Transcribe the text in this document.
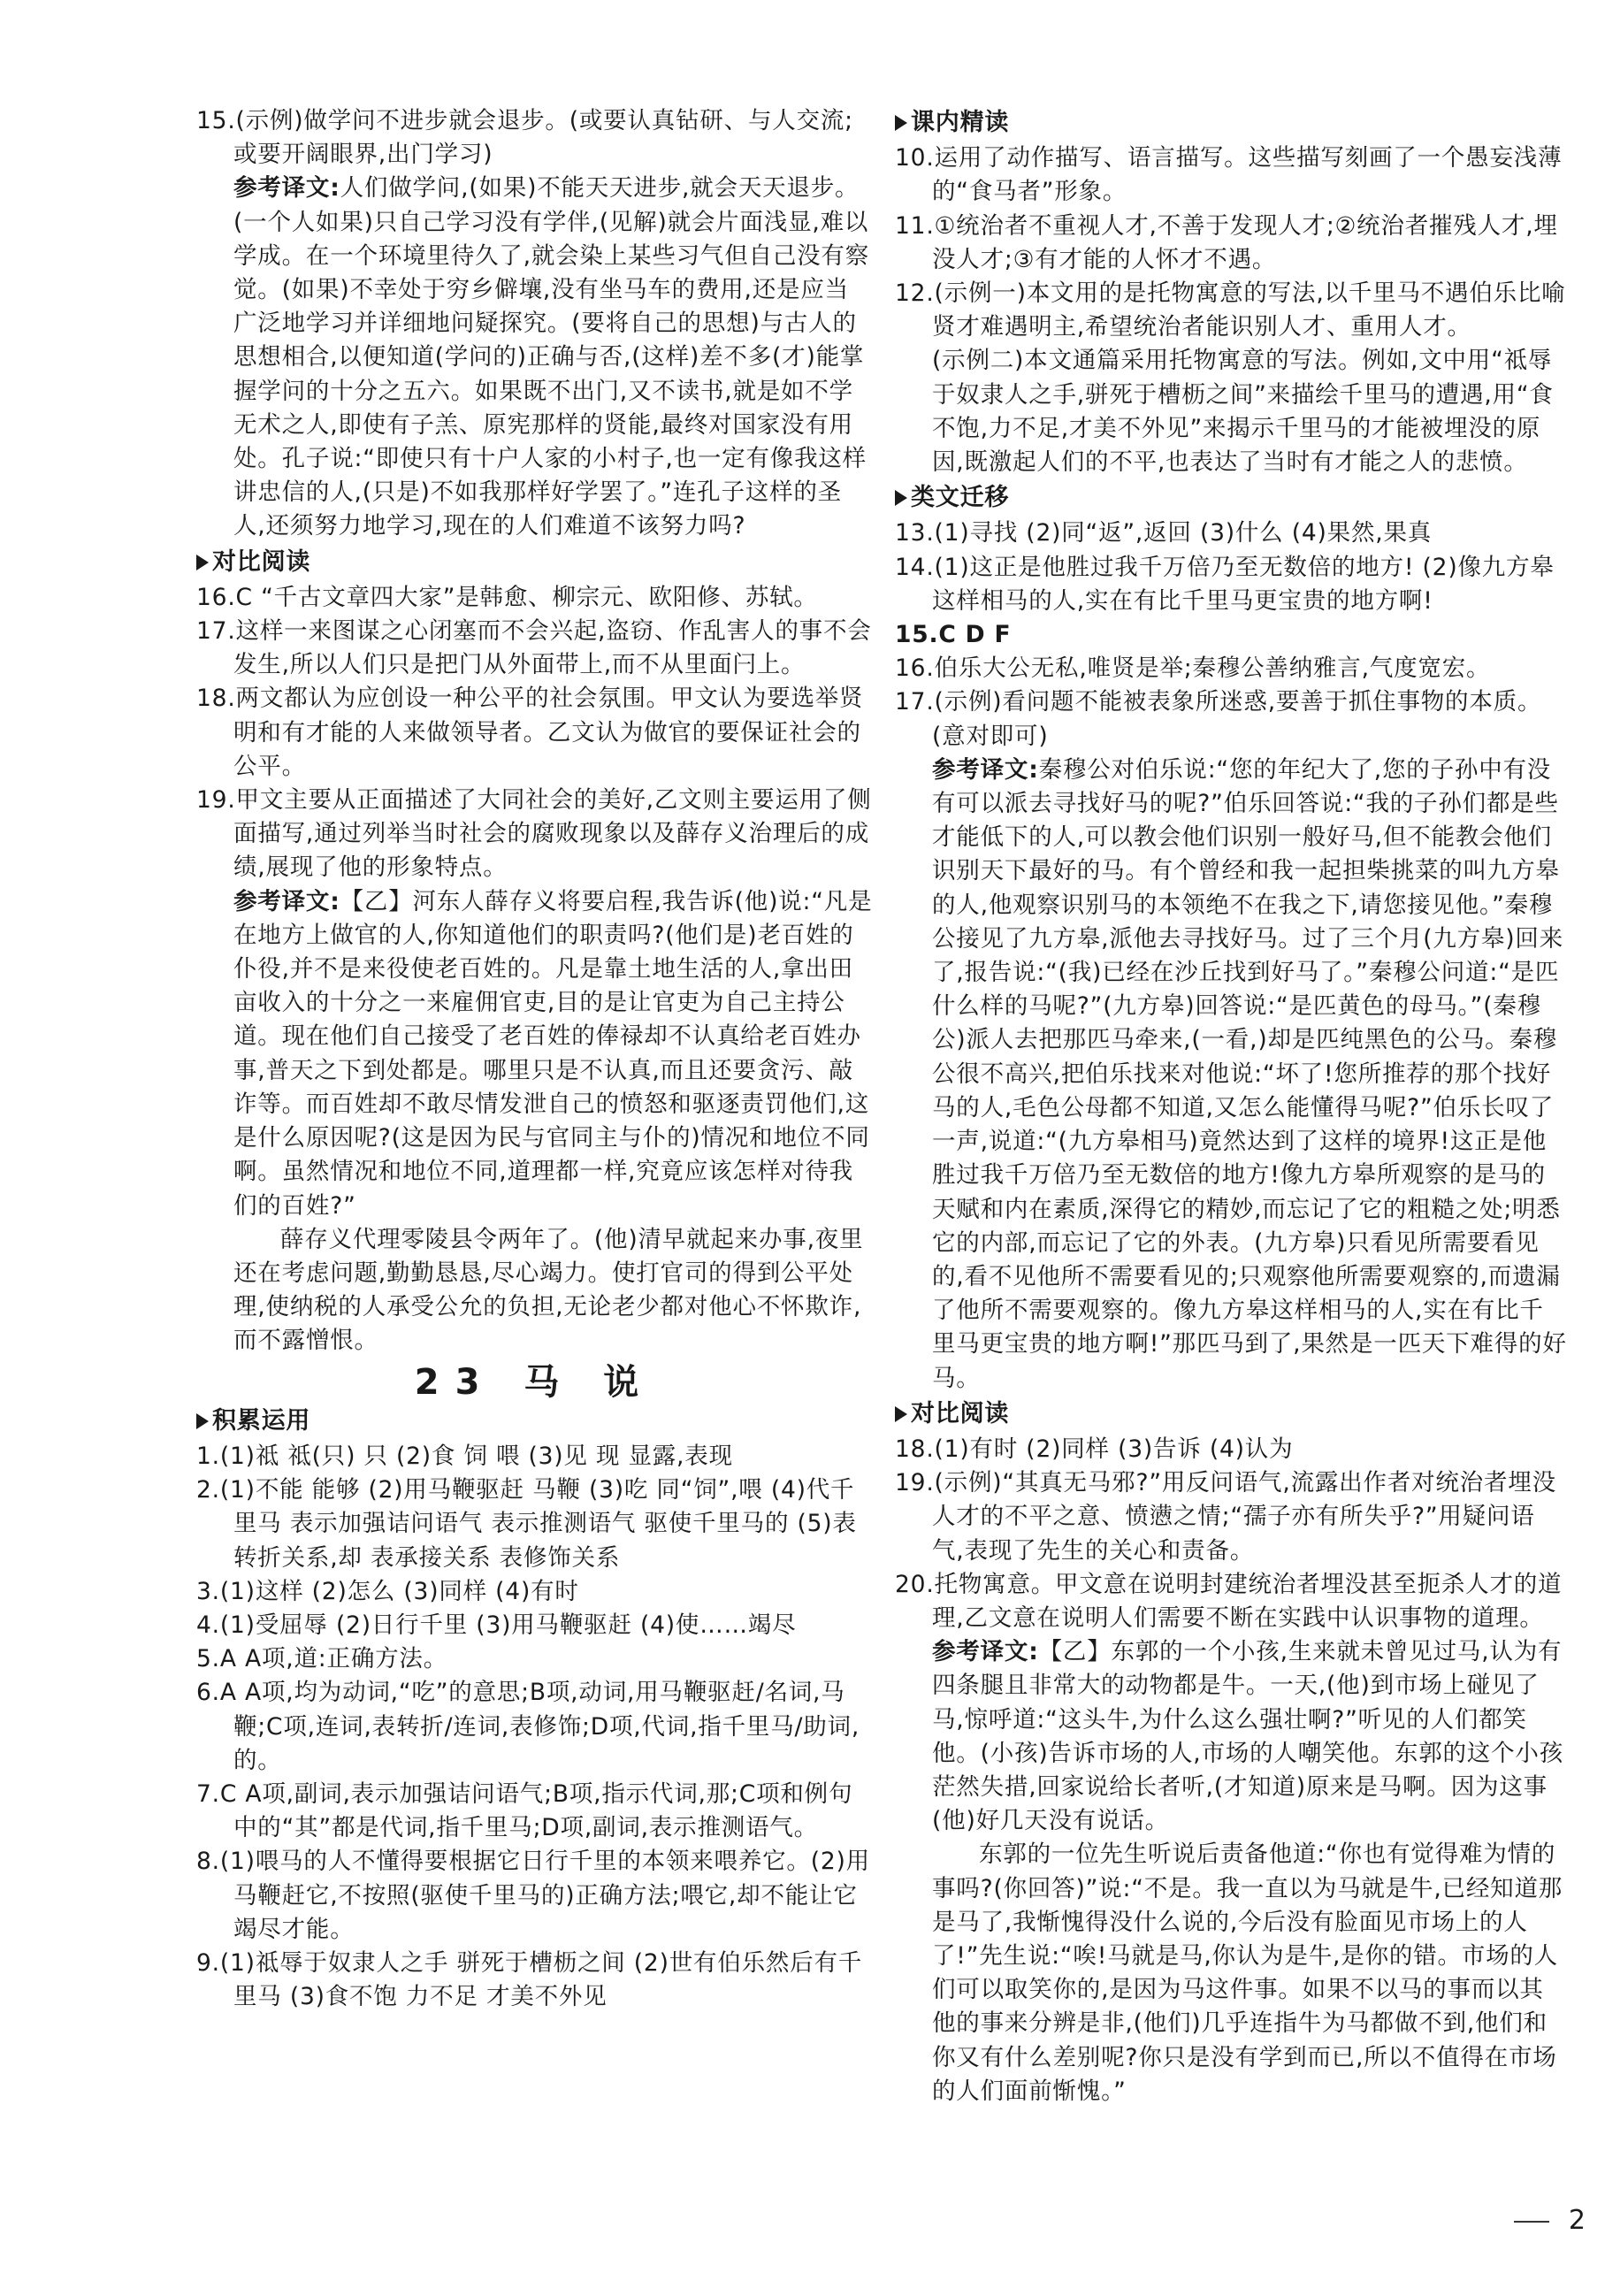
15.(示例)做学问不进步就会退步。(或要认真钻研、与人交流;或要开阔眼界,出门学习)

参考译文:人们做学问,(如果)不能天天进步,就会天天退步。(一个人如果)只自己学习没有学伴,(见解)就会片面浅显,难以学成。在一个环境里待久了,就会染上某些习气但自己没有察觉。(如果)不幸处于穷乡僻壤,没有坐马车的费用,还是应当广泛地学习并详细地问疑探究。(要将自己的思想)与古人的思想相合,以便知道(学问的)正确与否,(这样)差不多(才)能掌握学问的十分之五六。如果既不出门,又不读书,就是如不学无术之人,即使有子羔、原宪那样的贤能,最终对国家没有用处。孔子说:“即使只有十户人家的小村子,也一定有像我这样讲忠信的人,(只是)不如我那样好学罢了。”连孔子这样的圣人,还须努力地学习,现在的人们难道不该努力吗?

对比阅读

16.C “千古文章四大家”是韩愈、柳宗元、欧阳修、苏轼。

17.这样一来图谋之心闭塞而不会兴起,盗窃、作乱害人的事不会发生,所以人们只是把门从外面带上,而不从里面闩上。

18.两文都认为应创设一种公平的社会氛围。甲文认为要选举贤明和有才能的人来做领导者。乙文认为做官的要保证社会的公平。

19.甲文主要从正面描述了大同社会的美好,乙文则主要运用了侧面描写,通过列举当时社会的腐败现象以及薛存义治理后的成绩,展现了他的形象特点。

参考译文:【乙】河东人薛存义将要启程,我告诉(他)说:“凡是在地方上做官的人,你知道他们的职责吗?(他们是)老百姓的仆役,并不是来役使老百姓的。凡是靠土地生活的人,拿出田亩收入的十分之一来雇佣官吏,目的是让官吏为自己主持公道。现在他们自己接受了老百姓的俸禄却不认真给老百姓办事,普天之下到处都是。哪里只是不认真,而且还要贪污、敲诈等。而百姓却不敢尽情发泄自己的愤怒和驱逐责罚他们,这是什么原因呢?(这是因为民与官同主与仆的)情况和地位不同啊。虽然情况和地位不同,道理都一样,究竟应该怎样对待我们的百姓?”

薛存义代理零陵县令两年了。(他)清早就起来办事,夜里还在考虑问题,勤勤恳恳,尽心竭力。使打官司的得到公平处理,使纳税的人承受公允的负担,无论老少都对他心不怀欺诈,而不露憎恨。

23 马 说
积累运用

1.(1)祗 祗(只) 只 (2)食 饲 喂 (3)见 现 显露,表现

2.(1)不能 能够 (2)用马鞭驱赶 马鞭 (3)吃 同“饲”,喂 (4)代千里马 表示加强诘问语气 表示推测语气 驱使千里马的 (5)表转折关系,却 表承接关系 表修饰关系

3.(1)这样 (2)怎么 (3)同样 (4)有时

4.(1)受屈辱 (2)日行千里 (3)用马鞭驱赶 (4)使……竭尽

5.A A项,道:正确方法。

6.A A项,均为动词,“吃”的意思;B项,动词,用马鞭驱赶/名词,马鞭;C项,连词,表转折/连词,表修饰;D项,代词,指千里马/助词,的。

7.C A项,副词,表示加强诘问语气;B项,指示代词,那;C项和例句中的“其”都是代词,指千里马;D项,副词,表示推测语气。

8.(1)喂马的人不懂得要根据它日行千里的本领来喂养它。(2)用马鞭赶它,不按照(驱使千里马的)正确方法;喂它,却不能让它竭尽才能。

9.(1)祗辱于奴隶人之手 骈死于槽枥之间 (2)世有伯乐然后有千里马 (3)食不饱 力不足 才美不外见

课内精读

10.运用了动作描写、语言描写。这些描写刻画了一个愚妄浅薄的“食马者”形象。

11.①统治者不重视人才,不善于发现人才;②统治者摧残人才,埋没人才;③有才能的人怀才不遇。

12.(示例一)本文用的是托物寓意的写法,以千里马不遇伯乐比喻贤才难遇明主,希望统治者能识别人才、重用人才。

(示例二)本文通篇采用托物寓意的写法。例如,文中用“祗辱于奴隶人之手,骈死于槽枥之间”来描绘千里马的遭遇,用“食不饱,力不足,才美不外见”来揭示千里马的才能被埋没的原因,既激起人们的不平,也表达了当时有才能之人的悲愤。

类文迁移

13.(1)寻找 (2)同“返”,返回 (3)什么 (4)果然,果真

14.(1)这正是他胜过我千万倍乃至无数倍的地方! (2)像九方皋这样相马的人,实在有比千里马更宝贵的地方啊!

15.C D F

16.伯乐大公无私,唯贤是举;秦穆公善纳雅言,气度宽宏。

17.(示例)看问题不能被表象所迷惑,要善于抓住事物的本质。(意对即可)

参考译文:秦穆公对伯乐说:“您的年纪大了,您的子孙中有没有可以派去寻找好马的呢?”伯乐回答说:“我的子孙们都是些才能低下的人,可以教会他们识别一般好马,但不能教会他们识别天下最好的马。有个曾经和我一起担柴挑菜的叫九方皋的人,他观察识别马的本领绝不在我之下,请您接见他。”秦穆公接见了九方皋,派他去寻找好马。过了三个月(九方皋)回来了,报告说:“(我)已经在沙丘找到好马了。”秦穆公问道:“是匹什么样的马呢?”(九方皋)回答说:“是匹黄色的母马。”(秦穆公)派人去把那匹马牵来,(一看,)却是匹纯黑色的公马。秦穆公很不高兴,把伯乐找来对他说:“坏了!您所推荐的那个找好马的人,毛色公母都不知道,又怎么能懂得马呢?”伯乐长叹了一声,说道:“(九方皋相马)竟然达到了这样的境界!这正是他胜过我千万倍乃至无数倍的地方!像九方皋所观察的是马的天赋和内在素质,深得它的精妙,而忘记了它的粗糙之处;明悉它的内部,而忘记了它的外表。(九方皋)只看见所需要看见的,看不见他所不需要看见的;只观察他所需要观察的,而遗漏了他所不需要观察的。像九方皋这样相马的人,实在有比千里马更宝贵的地方啊!”那匹马到了,果然是一匹天下难得的好马。

对比阅读

18.(1)有时 (2)同样 (3)告诉 (4)认为

19.(示例)“其真无马邪?”用反问语气,流露出作者对统治者埋没人才的不平之意、愤懑之情;“孺子亦有所失乎?”用疑问语气,表现了先生的关心和责备。

20.托物寓意。甲文意在说明封建统治者埋没甚至扼杀人才的道理,乙文意在说明人们需要不断在实践中认识事物的道理。

参考译文:【乙】东郭的一个小孩,生来就未曾见过马,认为有四条腿且非常大的动物都是牛。一天,(他)到市场上碰见了马,惊呼道:“这头牛,为什么这么强壮啊?”听见的人们都笑他。(小孩)告诉市场的人,市场的人嘲笑他。东郭的这个小孩茫然失措,回家说给长者听,(才知道)原来是马啊。因为这事(他)好几天没有说话。

东郭的一位先生听说后责备他道:“你也有觉得难为情的事吗?(你回答)”说:“不是。我一直以为马就是牛,已经知道那是马了,我惭愧得没什么说的,今后没有脸面见市场上的人了!”先生说:“唉!马就是马,你认为是牛,是你的错。市场的人们可以取笑你的,是因为马这件事。如果不以马的事而以其他的事来分辨是非,(他们)几乎连指牛为马都做不到,他们和你又有什么差别呢?你只是没有学到而已,所以不值得在市场的人们面前惭愧。”

2
